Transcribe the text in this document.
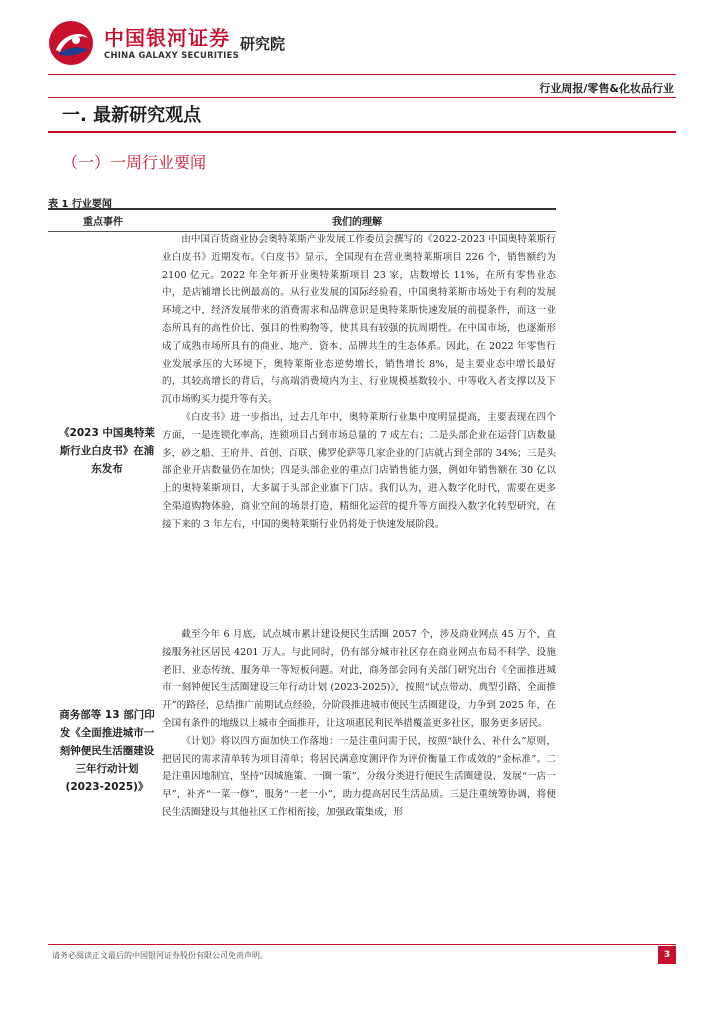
中国银河证券
CHINA GALAXY SECURITIES
研究院
行业周报/零售&化妆品行业
一. 最新研究观点
（一）一周行业要闻
表 1 行业要闻
重点事件	我们的理解
《2023 中国奥特莱斯行业白皮书》在浦东发布

由中国百货商业协会奥特莱斯产业发展工作委员会撰写的《2022-2023 中国奥特莱斯行业白皮书》近期发布。《白皮书》显示，全国现有在营业奥特莱斯项目 226 个，销售额约为 2100 亿元。2022 年全年新开业奥特莱斯项目 23 家，店数增长 11%，在所有零售业态中，是店铺增长比例最高的。从行业发展的国际经验看，中国奥特莱斯市场处于有利的发展环境之中，经济发展带来的消费需求和品牌意识是奥特莱斯快速发展的前提条件，而这一业态所具有的高性价比、强目的性购物等，使其具有较强的抗周期性。在中国市场，也逐渐形成了成熟市场所具有的商业、地产、资本、品牌共生的生态体系。因此，在 2022 年零售行业发展承压的大环境下，奥特莱斯业态逆势增长，销售增长 8%，是主要业态中增长最好的，其较高增长的背后，与高端消费境内为主、行业规模基数较小、中等收入者支撑以及下沉市场购买力提升等有关。

《白皮书》进一步指出，过去几年中，奥特莱斯行业集中度明显提高，主要表现在四个方面，一是连锁化率高，连锁项目占到市场总量的 7 成左右；二是头部企业在运营门店数量多，砂之船、王府井、首创、百联、佛罗伦萨等几家企业的门店就占到全部的 34%；三是头部企业开店数量仍在加快；四是头部企业的重点门店销售能力强，例如年销售额在 30 亿以上的奥特莱斯项目，大多属于头部企业旗下门店。我们认为，进入数字化时代，需要在更多全渠道购物体验，商业空间的场景打造，精细化运营的提升等方面投入数字化转型研究，在接下来的 3 年左右，中国的奥特莱斯行业仍将处于快速发展阶段。

商务部等 13 部门印发《全面推进城市一刻钟便民生活圈建设三年行动计划 (2023-2025)》

截至今年 6 月底，试点城市累计建设便民生活圈 2057 个，涉及商业网点 45 万个，直接服务社区居民 4201 万人。与此同时，仍有部分城市社区存在商业网点布局不科学、设施老旧、业态传统、服务单一等短板问题。对此，商务部会同有关部门研究出台《全面推进城市一刻钟便民生活圈建设三年行动计划 (2023-2025)》，按照“试点带动、典型引路、全面推开”的路径，总结推广前期试点经验，分阶段推进城市便民生活圈建设，力争到 2025 年，在全国有条件的地级以上城市全面推开，让这项惠民利民举措覆盖更多社区，服务更多居民。

《计划》将以四方面加快工作落地：一是注重问需于民，按照“缺什么、补什么”原则，把居民的需求清单转为项目清单；将居民满意度测评作为评价衡量工作成效的“金标准”。二是注重因地制宜，坚持“因城施策、一圈一策”，分级分类进行便民生活圈建设，发展“一店一早”，补齐“一菜一修”，服务“一老一小”，助力提高居民生活品质。三是注重统筹协调，将便民生活圈建设与其他社区工作相衔接，加强政策集成，形

请务必阅读正文最后的中国银河证券股份有限公司免责声明。	3
